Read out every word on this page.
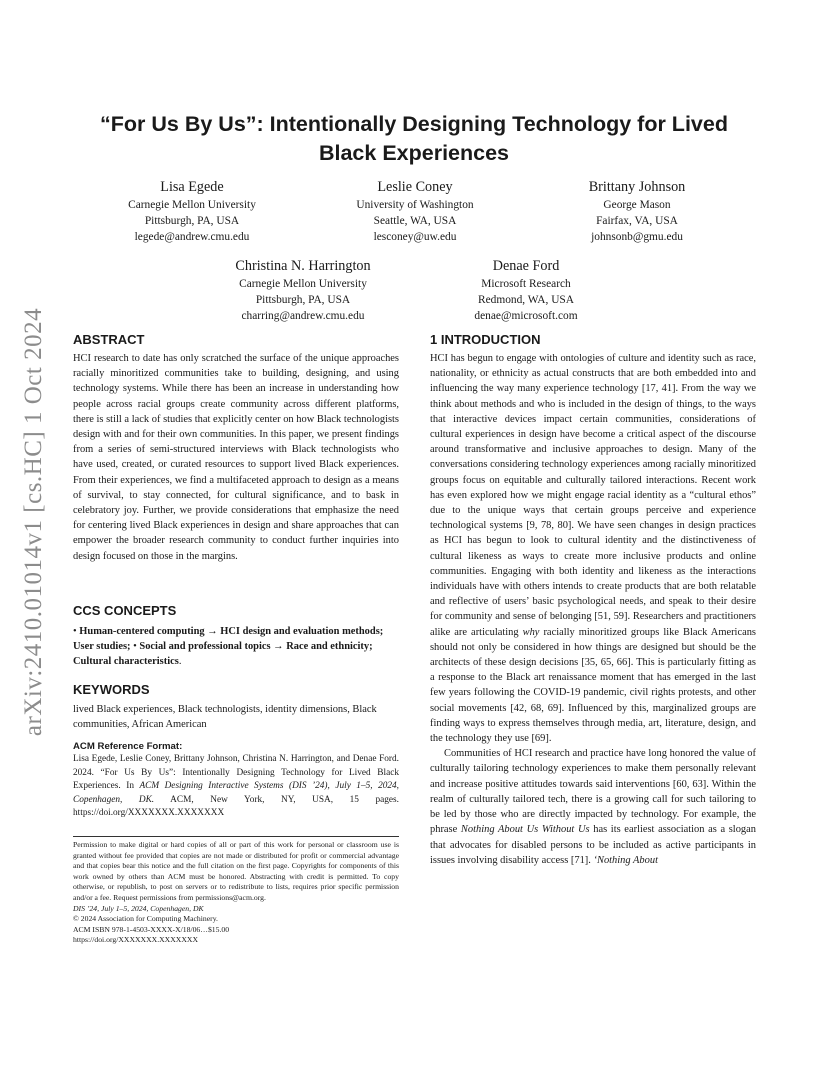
arXiv:2410.01014v1 [cs.HC] 1 Oct 2024
“For Us By Us”: Intentionally Designing Technology for Lived Black Experiences
Lisa Egede
Carnegie Mellon University
Pittsburgh, PA, USA
legede@andrew.cmu.edu
Leslie Coney
University of Washington
Seattle, WA, USA
lesconey@uw.edu
Brittany Johnson
George Mason
Fairfax, VA, USA
johnsonb@gmu.edu
Christina N. Harrington
Carnegie Mellon University
Pittsburgh, PA, USA
charring@andrew.cmu.edu
Denae Ford
Microsoft Research
Redmond, WA, USA
denae@microsoft.com
ABSTRACT

HCI research to date has only scratched the surface of the unique approaches racially minoritized communities take to building, designing, and using technology systems. While there has been an increase in understanding how people across racial groups create community across different platforms, there is still a lack of studies that explicitly center on how Black technologists design with and for their own communities. In this paper, we present findings from a series of semi-structured interviews with Black technologists who have used, created, or curated resources to support lived Black experiences. From their experiences, we find a multifaceted approach to design as a means of survival, to stay connected, for cultural significance, and to bask in celebratory joy. Further, we provide considerations that emphasize the need for centering lived Black experiences in design and share approaches that can empower the broader research community to conduct further inquiries into design focused on those in the margins.

CCS CONCEPTS

• Human-centered computing → HCI design and evaluation methods; User studies; • Social and professional topics → Race and ethnicity; Cultural characteristics.

KEYWORDS

lived Black experiences, Black technologists, identity dimensions, Black communities, African American

ACM Reference Format:

Lisa Egede, Leslie Coney, Brittany Johnson, Christina N. Harrington, and Denae Ford. 2024. “For Us By Us”: Intentionally Designing Technology for Lived Black Experiences. In ACM Designing Interactive Systems (DIS ’24), July 1–5, 2024, Copenhagen, DK. ACM, New York, NY, USA, 15 pages. https://doi.org/XXXXXXX.XXXXXXX

Permission to make digital or hard copies of all or part of this work for personal or classroom use is granted without fee provided that copies are not made or distributed for profit or commercial advantage and that copies bear this notice and the full citation on the first page. Copyrights for components of this work owned by others than ACM must be honored. Abstracting with credit is permitted. To copy otherwise, or republish, to post on servers or to redistribute to lists, requires prior specific permission and/or a fee. Request permissions from permissions@acm.org.

DIS ’24, July 1–5, 2024, Copenhagen, DK

© 2024 Association for Computing Machinery.

ACM ISBN 978-1-4503-XXXX-X/18/06…$15.00

https://doi.org/XXXXXXX.XXXXXXX

1 INTRODUCTION

HCI has begun to engage with ontologies of culture and identity such as race, nationality, or ethnicity as actual constructs that are both embedded into and influencing the way many experience technology [17, 41]. From the way we think about methods and who is included in the design of things, to the ways that interactive devices impact certain communities, considerations of cultural experiences in design have become a critical aspect of the discourse around transformative and inclusive approaches to design. Many of the conversations considering technology experiences among racially minoritized groups focus on equitable and culturally tailored interactions. Recent work has even explored how we might engage racial identity as a “cultural ethos” due to the unique ways that certain groups perceive and experience technological systems [9, 78, 80]. We have seen changes in design practices as HCI has begun to look to cultural identity and the distinctiveness of cultural likeness as ways to create more inclusive products and online communities. Engaging with both identity and likeness as the interactions individuals have with others intends to create products that are both relatable and reflective of users’ basic psychological needs, and speak to their desire for community and sense of belonging [51, 59]. Researchers and practitioners alike are articulating why racially minoritized groups like Black Americans should not only be considered in how things are designed but should be the architects of these design decisions [35, 65, 66]. This is particularly fitting as a response to the Black art renaissance moment that has emerged in the last few years following the COVID-19 pandemic, civil rights protests, and other social movements [42, 68, 69]. Influenced by this, marginalized groups are finding ways to express themselves through media, art, literature, design, and the technology they use [69].

Communities of HCI research and practice have long honored the value of culturally tailoring technology experiences to make them personally relevant and increase positive attitudes towards said interventions [60, 63]. Within the realm of culturally tailored tech, there is a growing call for such tailoring to be led by those who are directly impacted by technology. For example, the phrase Nothing About Us Without Us has its earliest association as a slogan that advocates for disabled persons to be included as active participants in issues involving disability access [71]. ‘Nothing About
